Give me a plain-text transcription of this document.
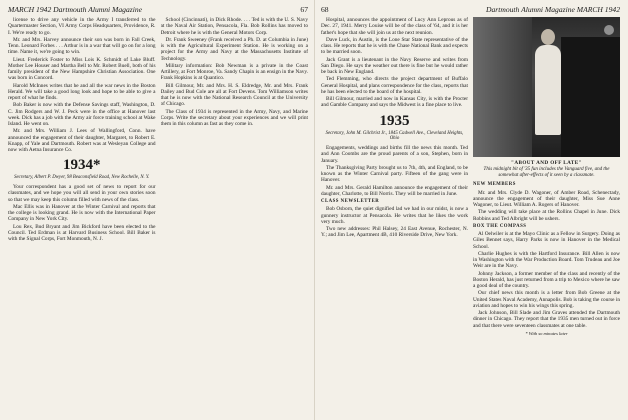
MARCH 1942 Dartmouth Alumni Magazine	67

license to drive any vehicle in the Army I transferred to the Quartermaster Section, VI Army Corps Headquarters, Providence, R. I. We're ready to go.

Mr. and Mrs. Harvey announce their son was born in Fall Creek, Tenn. Leonard Forbes . . . Arthur is in a war that will go on for a long time. Name it, we're going to win.

Lieut. Frederick Foster to Miss Lois K. Schmidt of Lake Bluff. Mother Lee Houser and Martha Bell to Mr. Robert Buell, both of his family president of the New Hampshire Christian Association. One was born in Concord.

Harold McInnes writes that he and all the war news in the Boston Herald. We will take a good long look and hope to be able to give a report of what he finds.

Bob Baker is now with the Defense Savings staff, Washington, D. C. Jim Rodgers and W. J. Peck were in the office at Hanover last week. Dick has a job with the Army air force training school at Wake Island. He went on.

Mr. and Mrs. William J. Lees of Wallingford, Conn. have announced the engagement of their daughter, Margaret, to Robert E. Knapp, of Yale and Dartmouth. Robert was at Wesleyan College and now with Aetna Insurance Co.

1934*
Secretary, Albert P. Dwyer, 98 Beaconsfield Road, New Rochelle, N. Y.

Your correspondent has a good set of news to report for our classmates, and we hope you will all send in your own stories soon so that we may keep this column filled with news of the class.

Mac Ellis was in Hanover at the Winter Carnival and reports that the college is looking grand. He is now with the International Paper Company in New York City.

Lou Rex, Bud Bryant and Jim Bickford have been elected to the Council. Ted Erdman is at Harvard Business School. Bill Baker is with the Signal Corps, Fort Monmouth, N. J.

School (Cincinnati), in Dick Rhode. . . . Ted is with the U. S. Navy at the Naval Air Station, Pensacola, Fla. Bob Rollins has moved to Detroit where he is with the General Motors Corp.

Dr. Frank Sweeney (Frank received a Ph. D. at Columbia in June) is with the Agricultural Experiment Station. He is working on a project for the Army and Navy at the Massachusetts Institute of Technology.

Military information: Bob Newman is a private in the Coast Artillery, at Fort Monroe, Va. Sandy Chapin is an ensign in the Navy. Frank Hopkins is at Quantico.

Bill Gilmour, Mr. and Mrs. H. S. Eldredge, Mr. and Mrs. Frank Dailey and Bud Cole are all at Fort Devens. Tom Williamson writes that he is now with the National Research Council at the University of Chicago.

The Class of 1934 is represented in the Army, Navy, and Marine Corps. Write the secretary about your experiences and we will print them in this column as fast as they come in.

68	Dartmouth Alumni Magazine MARCH 1942

Hospital, announces the appointment of Lucy Ann Leprous as of Dec. 27, 1941. Merry Louise will be of the class of '64, and it is her father's hope that she will join us at the next reunion.

Dave Luck, in Austin, is the Lone Star State representative of the class. He reports that he is with the Chase National Bank and expects to be married soon.

Jack Grant is a lieutenant in the Navy Reserve and writes from San Diego. He says the weather out there is fine but he would rather be back in New England.

Ted Flemming, who directs the project department of Buffalo General Hospital, and plans correspondence for the class, reports that he has been elected to the board of the hospital.

Bill Gilmour, married and now in Kansas City, is with the Procter and Gamble Company and says the Midwest is a fine place to live.

1935
Secretary, John M. Gilchrist Jr., 1845 Cadwell Ave., Cleveland Heights, Ohio

Engagements, weddings and births fill the news this month. Ted and Ann Coombs are the proud parents of a son, Stephen, born in January.

The Thanksgiving Party brought us to 7th, 4th, and England, to be known as the Winter Carnival party. Fifteen of the gang were in Hanover.

Mr. and Mrs. Gerald Hamilton announce the engagement of their daughter, Charlotte, to Bill Norris. They will be married in June.

CLASS NEWSLETTER

Bob Osborn, the quiet dignified lad we had in our midst, is now a gunnery instructor at Pensacola. He writes that he likes the work very much.

Two new addresses: Phil Halsey, 24 East Avenue, Rochester, N. Y.; and Jim Lee, Apartment 4B, 410 Riverside Drive, New York.

"ABOUT AND OFF LATE"
This midnight bit of '35 fun includes the Vanguard five, and the somewhat after-effects of it seen by a classmate.
NEW MEMBERS

Mr. and Mrs. Clyde D. Wagoner, of Amber Road, Schenectady, announce the engagement of their daughter, Miss Sue Anne Wagoner, to Lieut. William A. Rogers of Hanover.

The wedding will take place at the Rollins Chapel in June. Dick Robbins and Ted Albright will be ushers.

BOX THE COMPASS

Al Oelwiler is at the Mayo Clinic as a Fellow in Surgery. Doing as Giles Bennet says, Harry Parks is now in Hanover in the Medical School.

Charlie Hughes is with the Hartford Insurance. Bill Allen is now in Washington with the War Production Board. Tom Trudeau and Joe Weir are in the Navy.

Johnny Jackson, a former member of the class and recently of the Boston Herald, has just returned from a trip to Mexico where he saw a good deal of the country.

Our chief news this month is a letter from Bob Greene at the United States Naval Academy, Annapolis. Bob is taking the course in aviation and hopes to win his wings this spring.

Jack Johnson, Bill Slade and Jim Graves attended the Dartmouth dinner in Chicago. They report that the 1935 men turned out in force and that there were seventeen classmates at one table.

* With so minutes later
